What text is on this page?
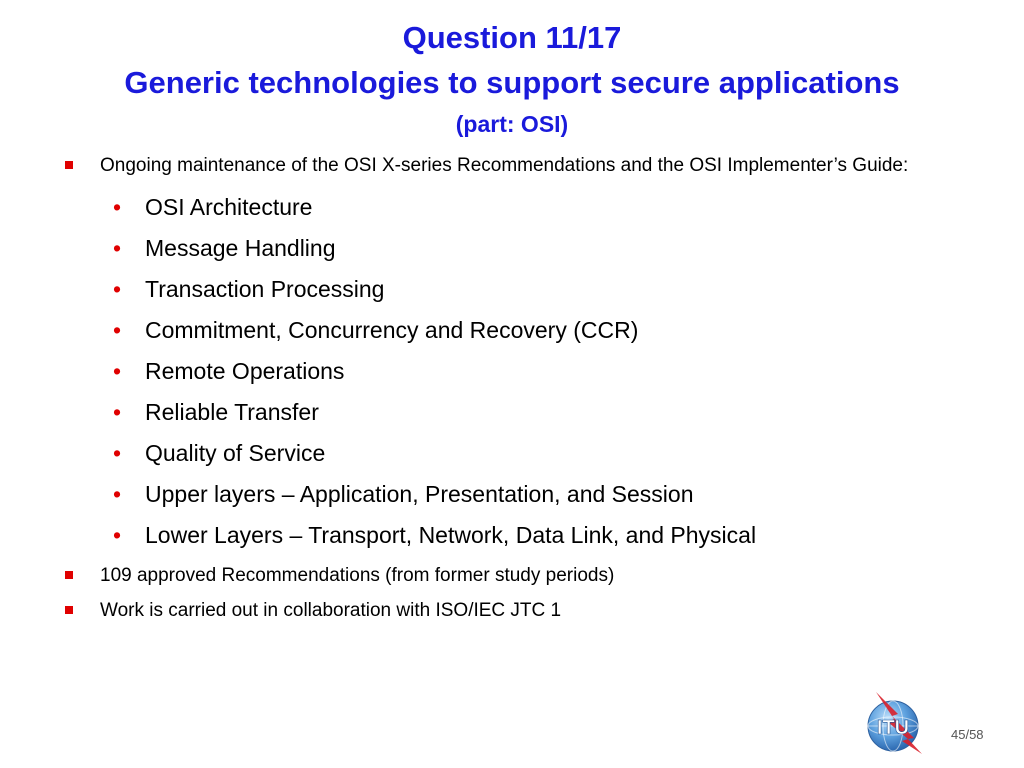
Question 11/17
Generic technologies to support secure applications
(part: OSI)
Ongoing maintenance of the OSI X-series Recommendations and the OSI Implementer’s Guide:
• OSI Architecture
• Message Handling
• Transaction Processing
• Commitment, Concurrency and Recovery (CCR)
• Remote Operations
• Reliable Transfer
• Quality of Service
• Upper layers – Application, Presentation, and Session
• Lower Layers – Transport, Network, Data Link, and Physical
109 approved Recommendations (from former study periods)
Work is carried out in collaboration with ISO/IEC JTC 1
ITU	45/58
